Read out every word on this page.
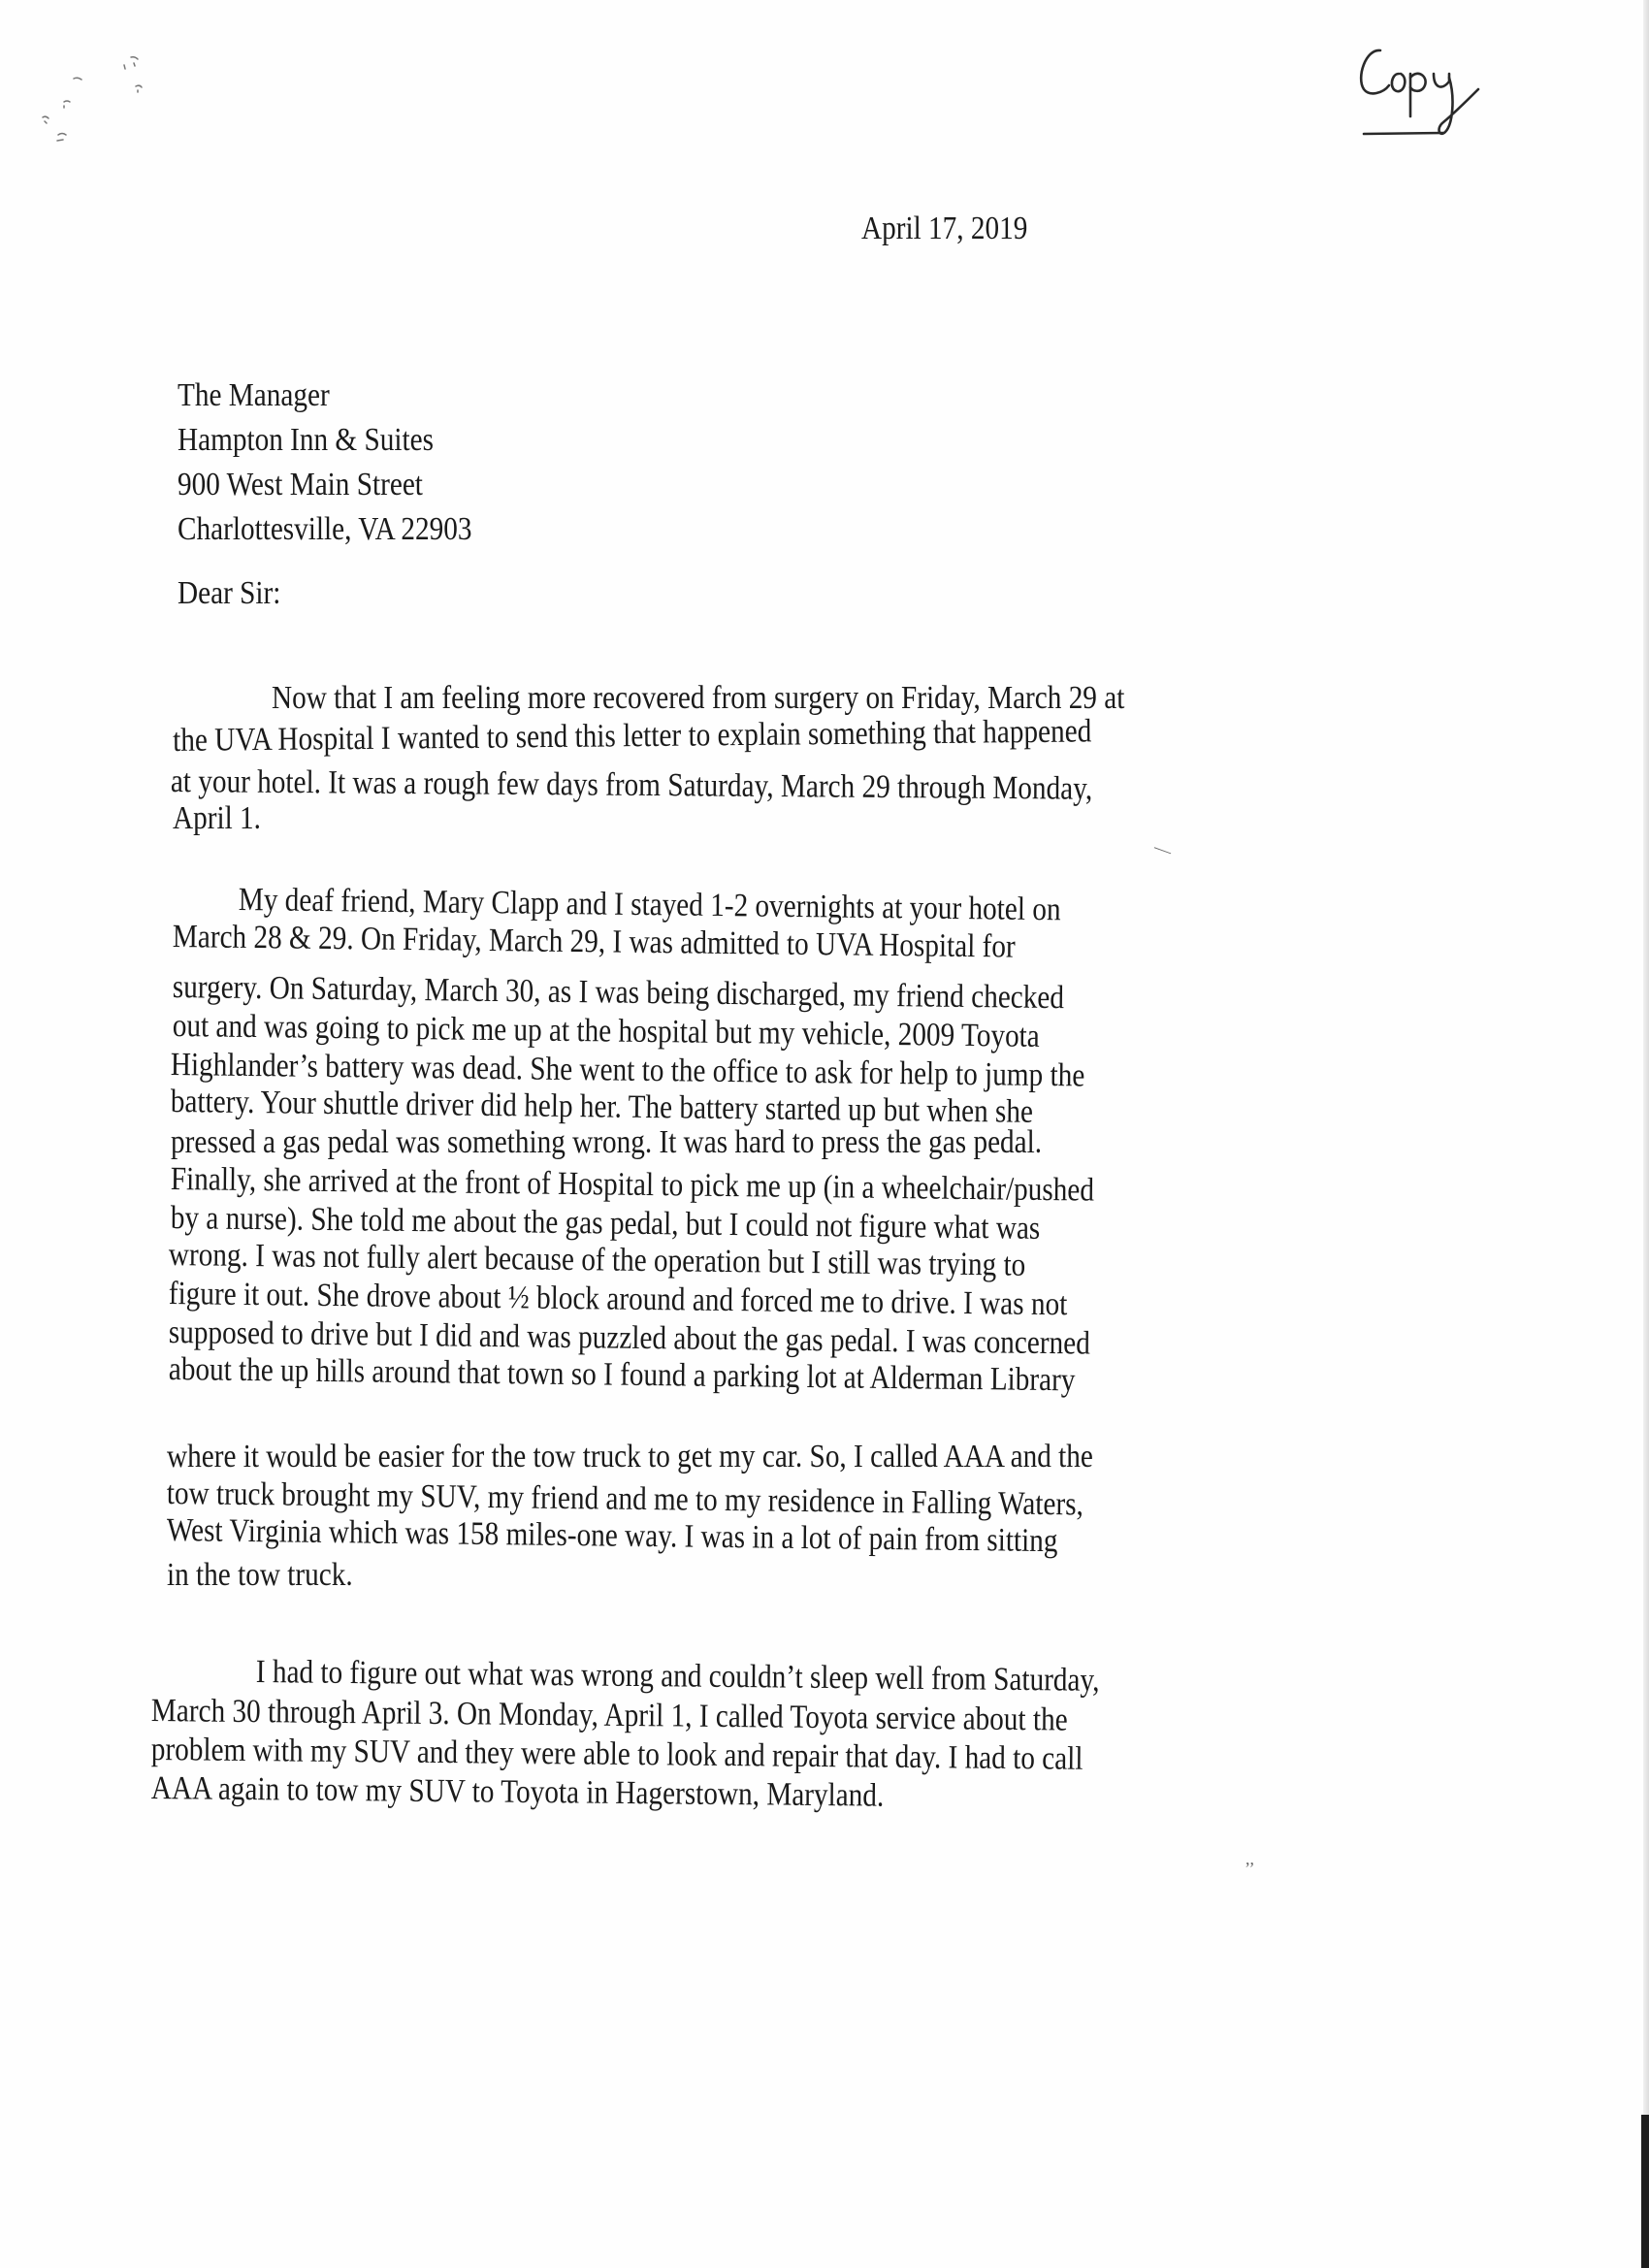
April 17, 2019
The Manager
Hampton Inn & Suites
900 West Main Street
Charlottesville, VA 22903
Dear Sir:
Now that I am feeling more recovered from surgery on Friday, March 29 at
the UVA Hospital I wanted to send this letter to explain something that happened
at your hotel. It was a rough few days from Saturday, March 29 through Monday,
April 1.
My deaf friend, Mary Clapp and I stayed 1-2 overnights at your hotel on
March 28 & 29. On Friday, March 29, I was admitted to UVA Hospital for
surgery. On Saturday, March 30, as I was being discharged, my friend checked
out and was going to pick me up at the hospital but my vehicle, 2009 Toyota
Highlander’s battery was dead. She went to the office to ask for help to jump the
battery. Your shuttle driver did help her. The battery started up but when she
pressed a gas pedal was something wrong. It was hard to press the gas pedal.
Finally, she arrived at the front of Hospital to pick me up (in a wheelchair/pushed
by a nurse). She told me about the gas pedal, but I could not figure what was
wrong. I was not fully alert because of the operation but I still was trying to
figure it out. She drove about ½ block around and forced me to drive. I was not
supposed to drive but I did and was puzzled about the gas pedal. I was concerned
about the up hills around that town so I found a parking lot at Alderman Library
where it would be easier for the tow truck to get my car. So, I called AAA and the
tow truck brought my SUV, my friend and me to my residence in Falling Waters,
West Virginia which was 158 miles-one way. I was in a lot of pain from sitting
in the tow truck.
I had to figure out what was wrong and couldn’t sleep well from Saturday,
March 30 through April 3. On Monday, April 1, I called Toyota service about the
problem with my SUV and they were able to look and repair that day. I had to call
AAA again to tow my SUV to Toyota in Hagerstown, Maryland.
—
,,
